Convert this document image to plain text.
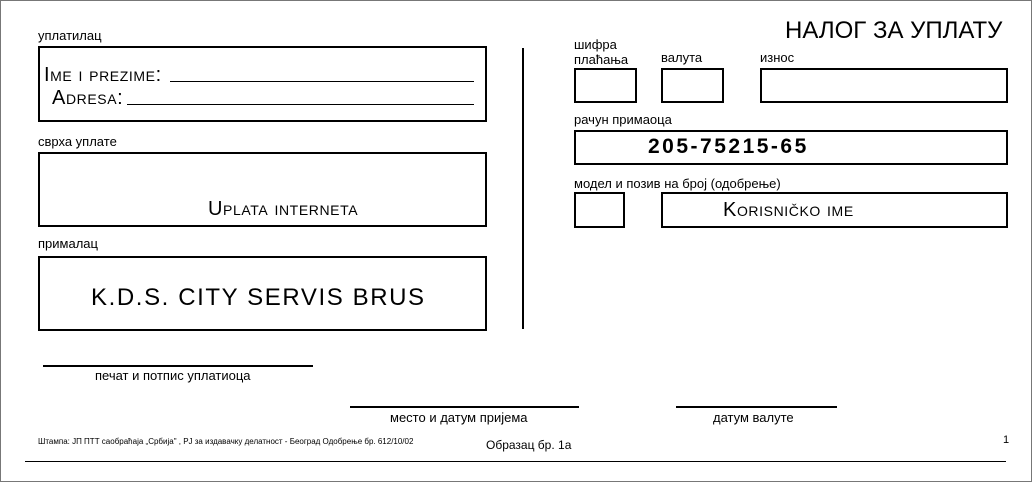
НАЛОГ ЗА УПЛАТУ
уплатилац
Ime i prezime:
Adresa:
сврха уплате
Uplata interneta
прималац
K.D.S. CITY SERVIS BRUS
шифра плаћања	валута	износ
рачун примаоца
205-75215-65
модел и позив на број (одобрење)
Korisničko ime
печат и потпис уплатиоца
место и датум пријема	датум валуте
Штампа: ЈП ПТТ саобраћаја „Србија" , РЈ за издавачку делатност - Београд Одобрење бр. 612/10/02	Образац бр. 1а	1
